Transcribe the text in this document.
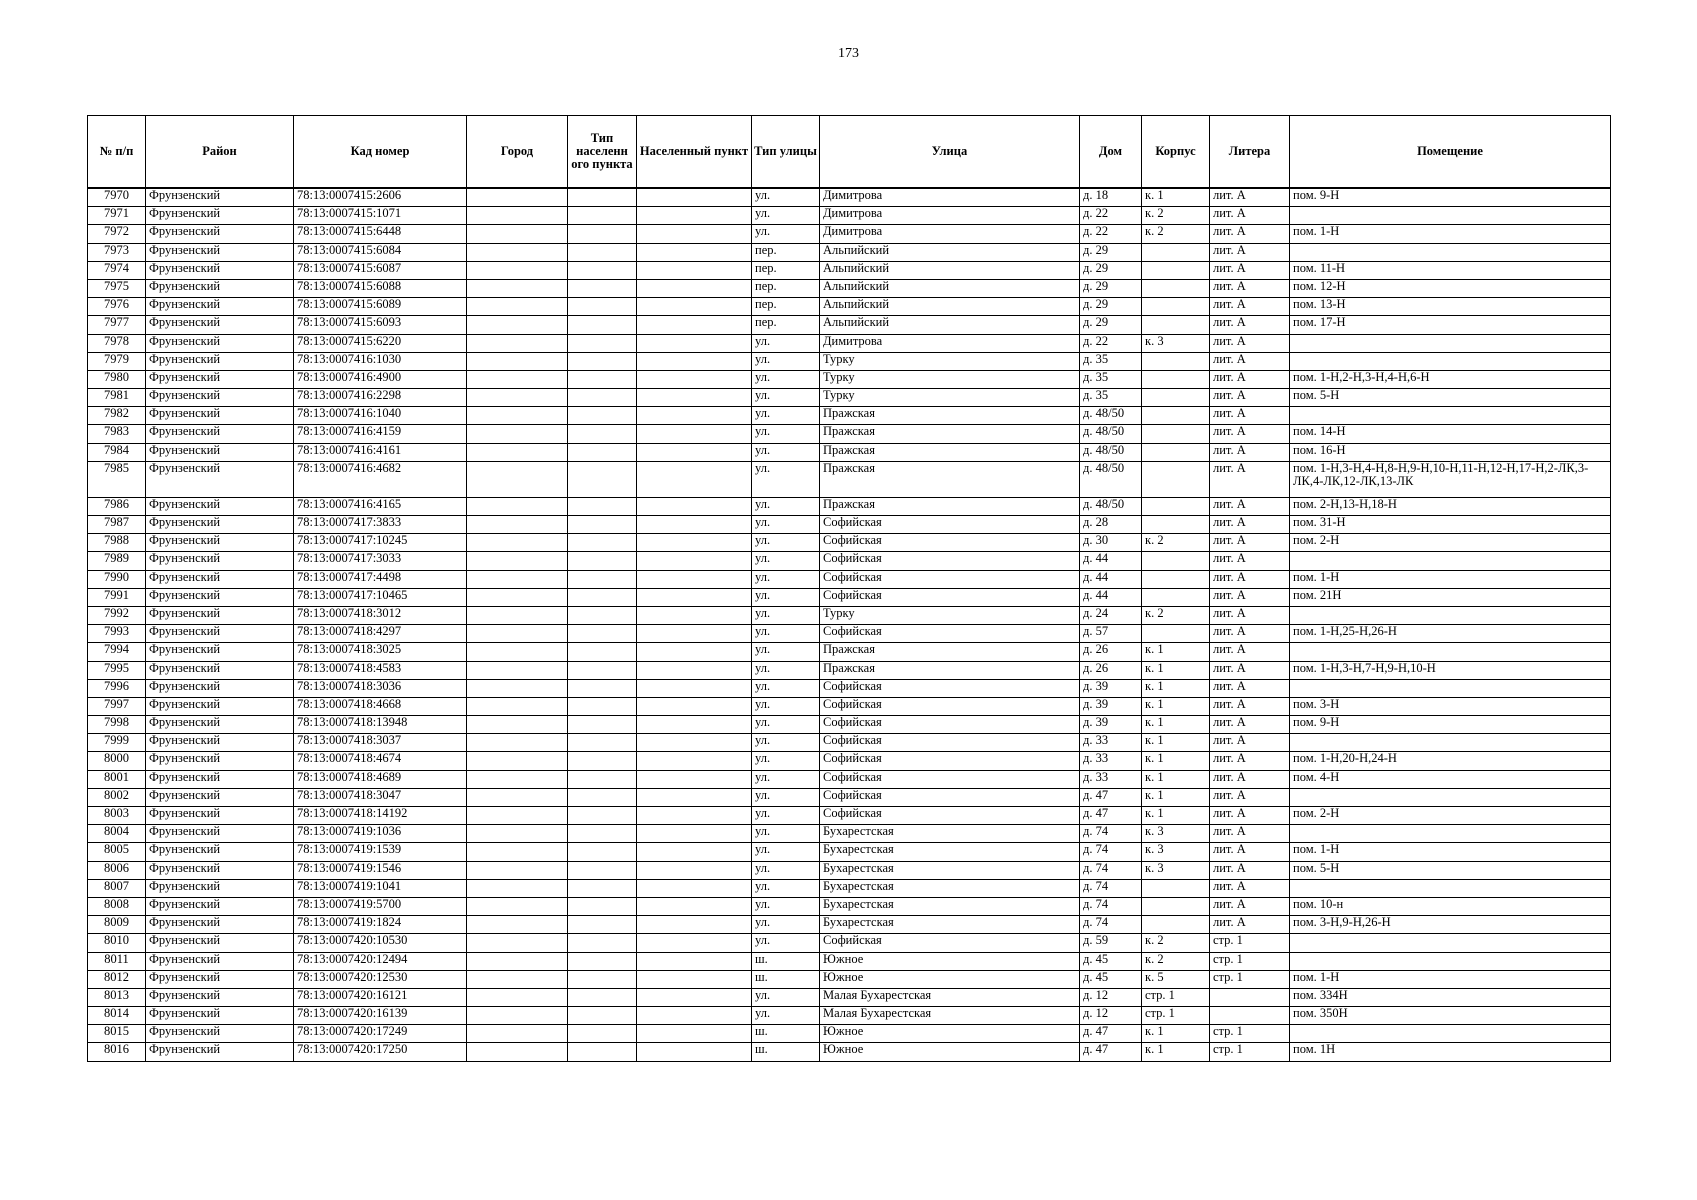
173
№ п/п	Район	Кад номер	Город	Тип населенн ого пункта	Населенный пункт	Тип улицы	Улица	Дом	Корпус	Литера	Помещение
7970	Фрунзенский	78:13:0007415:2606				ул.	Димитрова	д. 18	к. 1	лит. А	пом. 9-Н
7971	Фрунзенский	78:13:0007415:1071				ул.	Димитрова	д. 22	к. 2	лит. А	
7972	Фрунзенский	78:13:0007415:6448				ул.	Димитрова	д. 22	к. 2	лит. А	пом. 1-Н
7973	Фрунзенский	78:13:0007415:6084				пер.	Альпийский	д. 29		лит. А	
7974	Фрунзенский	78:13:0007415:6087				пер.	Альпийский	д. 29		лит. А	пом. 11-Н
7975	Фрунзенский	78:13:0007415:6088				пер.	Альпийский	д. 29		лит. А	пом. 12-Н
7976	Фрунзенский	78:13:0007415:6089				пер.	Альпийский	д. 29		лит. А	пом. 13-Н
7977	Фрунзенский	78:13:0007415:6093				пер.	Альпийский	д. 29		лит. А	пом. 17-Н
7978	Фрунзенский	78:13:0007415:6220				ул.	Димитрова	д. 22	к. 3	лит. А	
7979	Фрунзенский	78:13:0007416:1030				ул.	Турку	д. 35		лит. А	
7980	Фрунзенский	78:13:0007416:4900				ул.	Турку	д. 35		лит. А	пом. 1-Н,2-Н,3-Н,4-Н,6-Н
7981	Фрунзенский	78:13:0007416:2298				ул.	Турку	д. 35		лит. А	пом. 5-Н
7982	Фрунзенский	78:13:0007416:1040				ул.	Пражская	д. 48/50		лит. А	
7983	Фрунзенский	78:13:0007416:4159				ул.	Пражская	д. 48/50		лит. А	пом. 14-Н
7984	Фрунзенский	78:13:0007416:4161				ул.	Пражская	д. 48/50		лит. А	пом. 16-Н
7985	Фрунзенский	78:13:0007416:4682				ул.	Пражская	д. 48/50		лит. А	пом. 1-Н,3-Н,4-Н,8-Н,9-Н,10-Н,11-Н,12-Н,17-Н,2-ЛК,3-ЛК,4-ЛК,12-ЛК,13-ЛК
7986	Фрунзенский	78:13:0007416:4165				ул.	Пражская	д. 48/50		лит. А	пом. 2-Н,13-Н,18-Н
7987	Фрунзенский	78:13:0007417:3833				ул.	Софийская	д. 28		лит. А	пом. 31-Н
7988	Фрунзенский	78:13:0007417:10245				ул.	Софийская	д. 30	к. 2	лит. А	пом. 2-Н
7989	Фрунзенский	78:13:0007417:3033				ул.	Софийская	д. 44		лит. А	
7990	Фрунзенский	78:13:0007417:4498				ул.	Софийская	д. 44		лит. А	пом. 1-Н
7991	Фрунзенский	78:13:0007417:10465				ул.	Софийская	д. 44		лит. А	пом. 21Н
7992	Фрунзенский	78:13:0007418:3012				ул.	Турку	д. 24	к. 2	лит. А	
7993	Фрунзенский	78:13:0007418:4297				ул.	Софийская	д. 57		лит. А	пом. 1-Н,25-Н,26-Н
7994	Фрунзенский	78:13:0007418:3025				ул.	Пражская	д. 26	к. 1	лит. А	
7995	Фрунзенский	78:13:0007418:4583				ул.	Пражская	д. 26	к. 1	лит. А	пом. 1-Н,3-Н,7-Н,9-Н,10-Н
7996	Фрунзенский	78:13:0007418:3036				ул.	Софийская	д. 39	к. 1	лит. А	
7997	Фрунзенский	78:13:0007418:4668				ул.	Софийская	д. 39	к. 1	лит. А	пом. 3-Н
7998	Фрунзенский	78:13:0007418:13948				ул.	Софийская	д. 39	к. 1	лит. А	пом. 9-Н
7999	Фрунзенский	78:13:0007418:3037				ул.	Софийская	д. 33	к. 1	лит. А	
8000	Фрунзенский	78:13:0007418:4674				ул.	Софийская	д. 33	к. 1	лит. А	пом. 1-Н,20-Н,24-Н
8001	Фрунзенский	78:13:0007418:4689				ул.	Софийская	д. 33	к. 1	лит. А	пом. 4-Н
8002	Фрунзенский	78:13:0007418:3047				ул.	Софийская	д. 47	к. 1	лит. А	
8003	Фрунзенский	78:13:0007418:14192				ул.	Софийская	д. 47	к. 1	лит. А	пом. 2-Н
8004	Фрунзенский	78:13:0007419:1036				ул.	Бухарестская	д. 74	к. 3	лит. А	
8005	Фрунзенский	78:13:0007419:1539				ул.	Бухарестская	д. 74	к. 3	лит. А	пом. 1-Н
8006	Фрунзенский	78:13:0007419:1546				ул.	Бухарестская	д. 74	к. 3	лит. А	пом. 5-Н
8007	Фрунзенский	78:13:0007419:1041				ул.	Бухарестская	д. 74		лит. А	
8008	Фрунзенский	78:13:0007419:5700				ул.	Бухарестская	д. 74		лит. А	пом. 10-н
8009	Фрунзенский	78:13:0007419:1824				ул.	Бухарестская	д. 74		лит. А	пом. 3-Н,9-Н,26-Н
8010	Фрунзенский	78:13:0007420:10530				ул.	Софийская	д. 59	к. 2	стр. 1	
8011	Фрунзенский	78:13:0007420:12494				ш.	Южное	д. 45	к. 2	стр. 1	
8012	Фрунзенский	78:13:0007420:12530				ш.	Южное	д. 45	к. 5	стр. 1	пом. 1-Н
8013	Фрунзенский	78:13:0007420:16121				ул.	Малая Бухарестская	д. 12	стр. 1		пом. 334Н
8014	Фрунзенский	78:13:0007420:16139				ул.	Малая Бухарестская	д. 12	стр. 1		пом. 350Н
8015	Фрунзенский	78:13:0007420:17249				ш.	Южное	д. 47	к. 1	стр. 1	
8016	Фрунзенский	78:13:0007420:17250				ш.	Южное	д. 47	к. 1	стр. 1	пом. 1Н
